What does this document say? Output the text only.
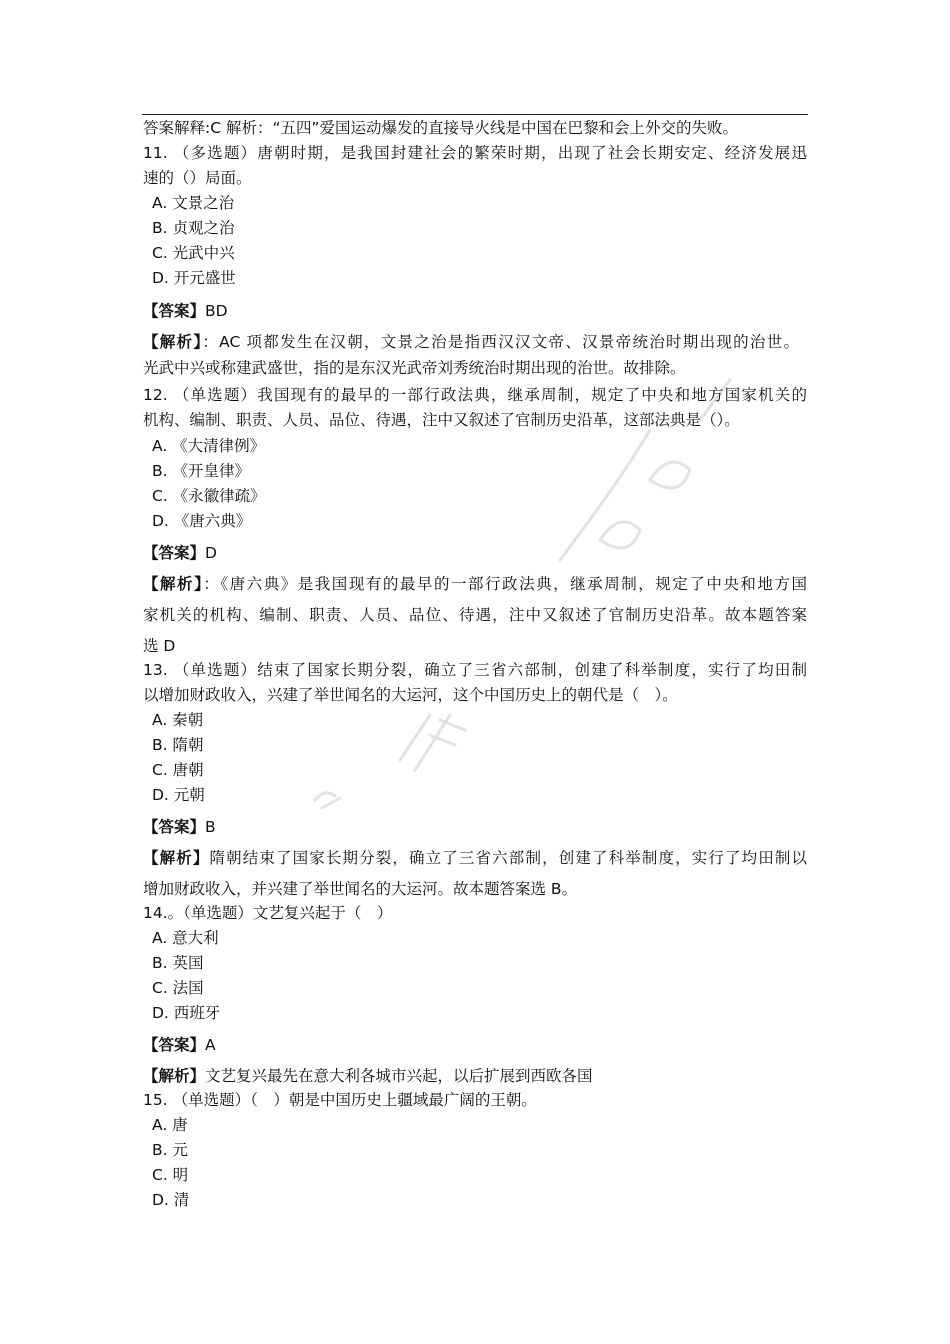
答案解释:C 解析：“五四”爱国运动爆发的直接导火线是中国在巴黎和会上外交的失败。
11. （多选题）唐朝时期，是我国封建社会的繁荣时期，出现了社会长期安定、经济发展迅
速的（）局面。
A. 文景之治
B. 贞观之治
C. 光武中兴
D. 开元盛世
【答案】BD
【解析】：AC 项都发生在汉朝，文景之治是指西汉汉文帝、汉景帝统治时期出现的治世。
光武中兴或称建武盛世，指的是东汉光武帝刘秀统治时期出现的治世。故排除。
12. （单选题）我国现有的最早的一部行政法典，继承周制，规定了中央和地方国家机关的
机构、编制、职责、人员、品位、待遇，注中又叙述了官制历史沿革，这部法典是（）。
A. 《大清律例》
B. 《开皇律》
C. 《永徽律疏》
D. 《唐六典》
【答案】D
【解析】：《唐六典》是我国现有的最早的一部行政法典，继承周制，规定了中央和地方国
家机关的机构、编制、职责、人员、品位、待遇，注中又叙述了官制历史沿革。故本题答案
选 D
13. （单选题）结束了国家长期分裂，确立了三省六部制，创建了科举制度，实行了均田制
以增加财政收入，兴建了举世闻名的大运河，这个中国历史上的朝代是（　）。
A. 秦朝
B. 隋朝
C. 唐朝
D. 元朝
【答案】B
【解析】隋朝结束了国家长期分裂，确立了三省六部制，创建了科举制度，实行了均田制以
增加财政收入，并兴建了举世闻名的大运河。故本题答案选 B。
14.。（单选题）文艺复兴起于（　）
A. 意大利
B. 英国
C. 法国
D. 西班牙
【答案】A
【解析】文艺复兴最先在意大利各城市兴起，以后扩展到西欧各国
15. （单选题）（　）朝是中国历史上疆域最广阔的王朝。
A. 唐
B. 元
C. 明
D. 清
